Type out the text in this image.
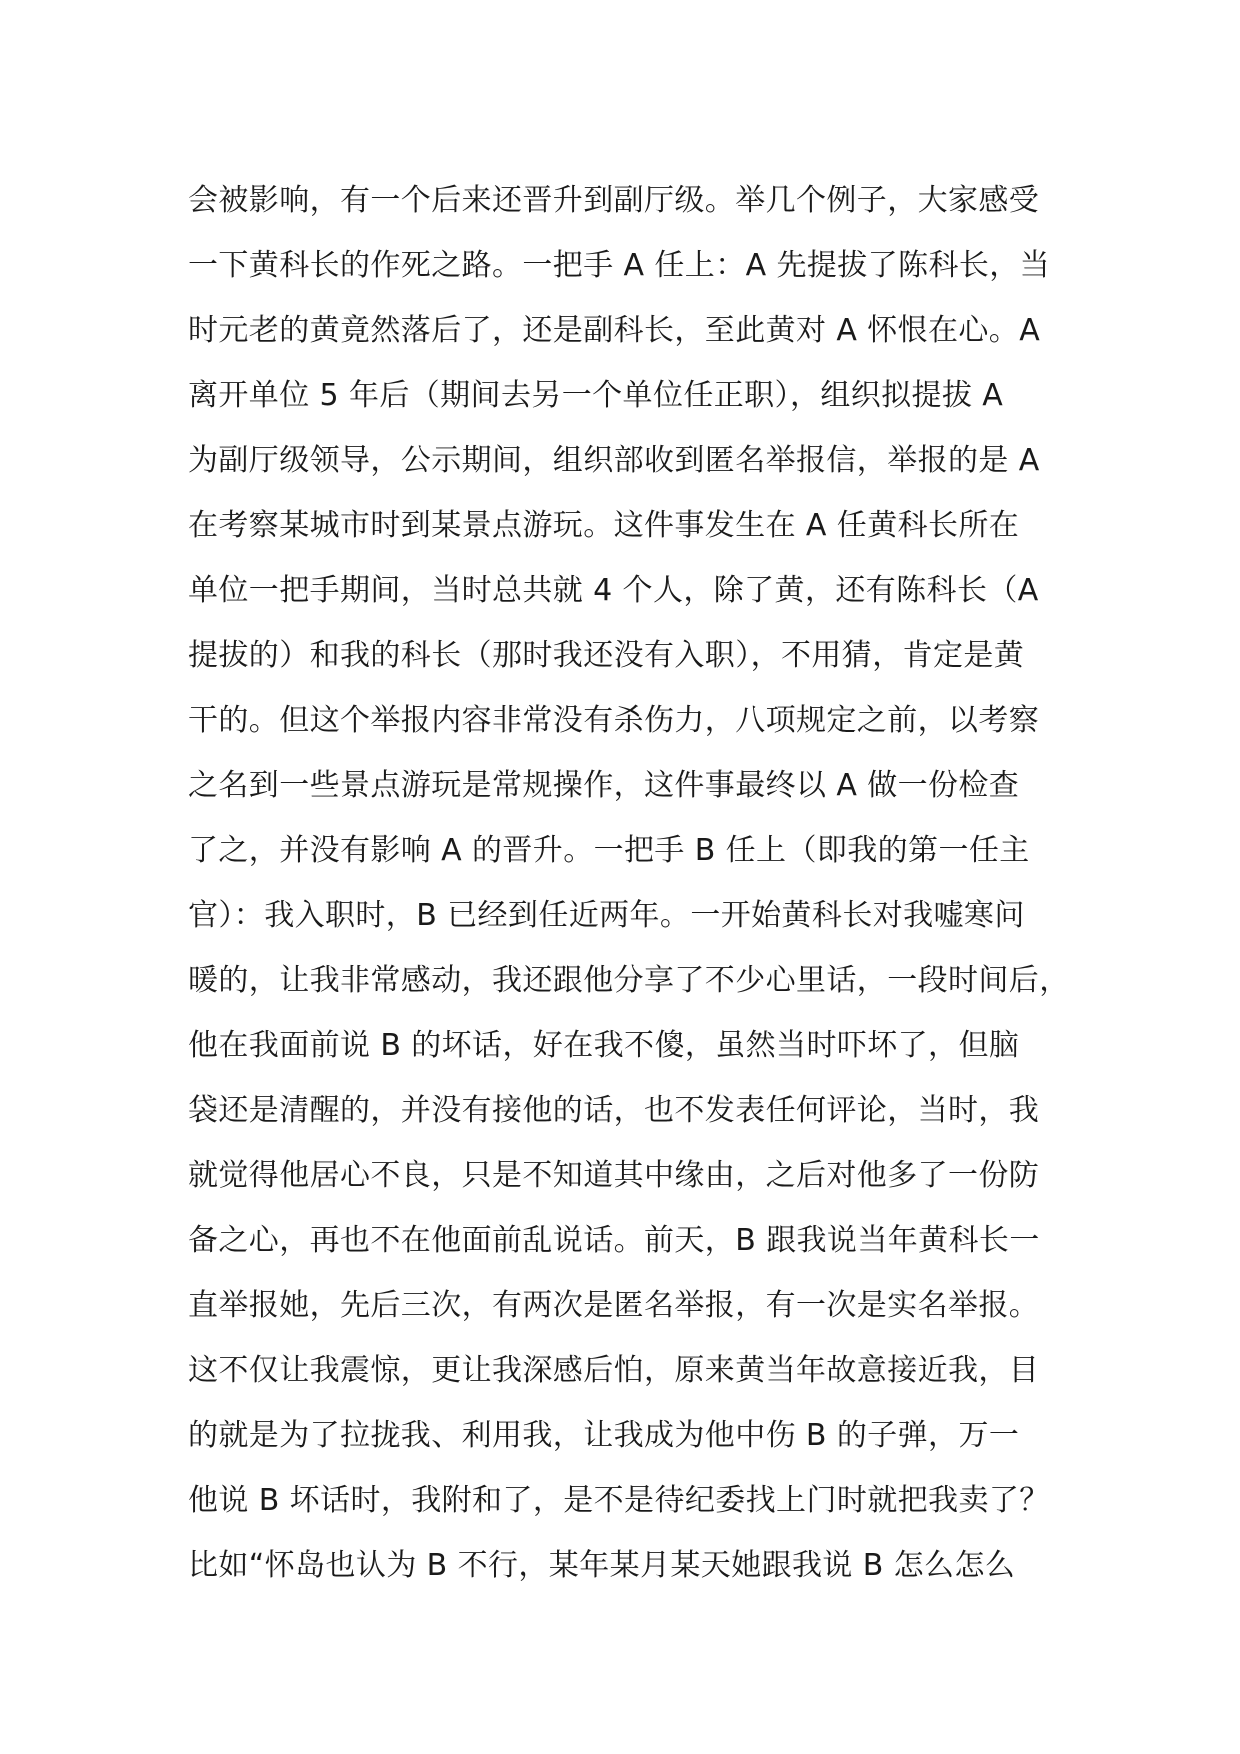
会被影响，有一个后来还晋升到副厅级。举几个例子，大家感受
一下黄科长的作死之路。一把手 A 任上：A 先提拔了陈科长，当
时元老的黄竟然落后了，还是副科长，至此黄对 A 怀恨在心。A
离开单位 5 年后（期间去另一个单位任正职），组织拟提拔 A
为副厅级领导，公示期间，组织部收到匿名举报信，举报的是 A
在考察某城市时到某景点游玩。这件事发生在 A 任黄科长所在
单位一把手期间，当时总共就 4 个人，除了黄，还有陈科长（A
提拔的）和我的科长（那时我还没有入职），不用猜，肯定是黄
干的。但这个举报内容非常没有杀伤力，八项规定之前，以考察
之名到一些景点游玩是常规操作，这件事最终以 A 做一份检查
了之，并没有影响 A 的晋升。一把手 B 任上（即我的第一任主
官）：我入职时，B 已经到任近两年。一开始黄科长对我嘘寒问
暖的，让我非常感动，我还跟他分享了不少心里话，一段时间后，
他在我面前说 B 的坏话，好在我不傻，虽然当时吓坏了，但脑
袋还是清醒的，并没有接他的话，也不发表任何评论，当时，我
就觉得他居心不良，只是不知道其中缘由，之后对他多了一份防
备之心，再也不在他面前乱说话。前天，B 跟我说当年黄科长一
直举报她，先后三次，有两次是匿名举报，有一次是实名举报。
这不仅让我震惊，更让我深感后怕，原来黄当年故意接近我，目
的就是为了拉拢我、利用我，让我成为他中伤 B 的子弹，万一
他说 B 坏话时，我附和了，是不是待纪委找上门时就把我卖了？
比如“怀岛也认为 B 不行，某年某月某天她跟我说 B 怎么怎么
